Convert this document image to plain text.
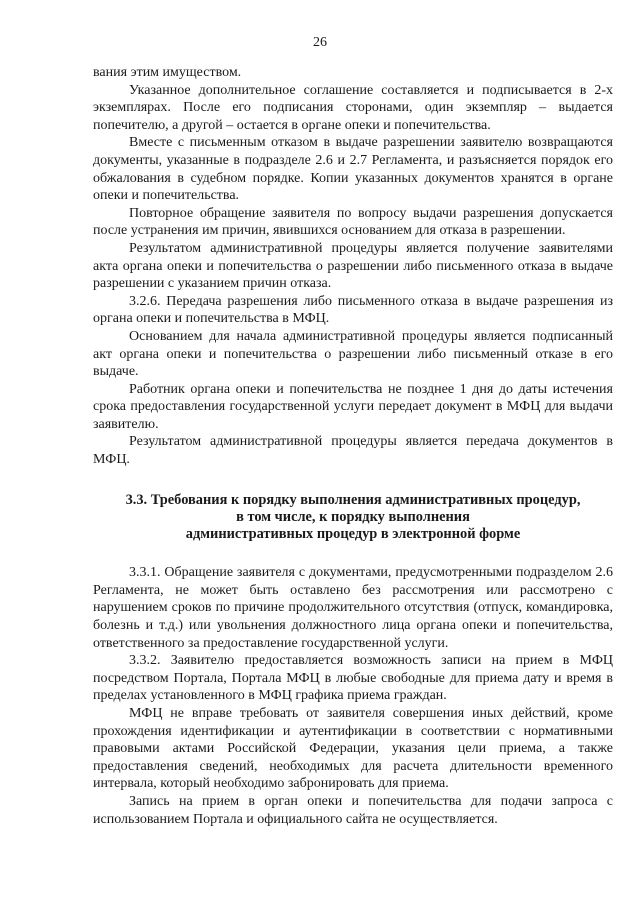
26

вания этим имуществом.

Указанное дополнительное соглашение составляется и подписывается в 2-х экземплярах. После его подписания сторонами, один экземпляр – выдается попечителю, а другой – остается в органе опеки и попечительства.

Вместе с письменным отказом в выдаче разрешении заявителю возвращаются документы, указанные в подразделе 2.6 и 2.7 Регламента, и разъясняется порядок его обжалования в судебном порядке. Копии указанных документов хранятся в органе опеки и попечительства.

Повторное обращение заявителя по вопросу выдачи разрешения допускается после устранения им причин, явившихся основанием для отказа в разрешении.

Результатом административной процедуры является получение заявителями акта органа опеки и попечительства о разрешении либо письменного отказа в выдаче разрешении с указанием причин отказа.

3.2.6. Передача разрешения либо письменного отказа в выдаче разрешения из органа опеки и попечительства в МФЦ.

Основанием для начала административной процедуры является подписанный акт органа опеки и попечительства о разрешении либо письменный отказе в его выдаче.

Работник органа опеки и попечительства не позднее 1 дня до даты истечения срока предоставления государственной услуги передает документ в МФЦ для выдачи заявителю.

Результатом административной процедуры является передача документов в МФЦ.

3.3. Требования к порядку выполнения административных процедур,
в том числе, к порядку выполнения
административных процедур в электронной форме

3.3.1. Обращение заявителя с документами, предусмотренными подразделом 2.6 Регламента, не может быть оставлено без рассмотрения или рассмотрено с нарушением сроков по причине продолжительного отсутствия (отпуск, командировка, болезнь и т.д.) или увольнения должностного лица органа опеки и попечительства, ответственного за предоставление государственной услуги.

3.3.2. Заявителю предоставляется возможность записи на прием в МФЦ посредством Портала, Портала МФЦ в любые свободные для приема дату и время в пределах установленного в МФЦ графика приема граждан.

МФЦ не вправе требовать от заявителя совершения иных действий, кроме прохождения идентификации и аутентификации в соответствии с нормативными правовыми актами Российской Федерации, указания цели приема, а также предоставления сведений, необходимых для расчета длительности временного интервала, который необходимо забронировать для приема.

Запись на прием в орган опеки и попечительства для подачи запроса с использованием Портала и официального сайта не осуществляется.
